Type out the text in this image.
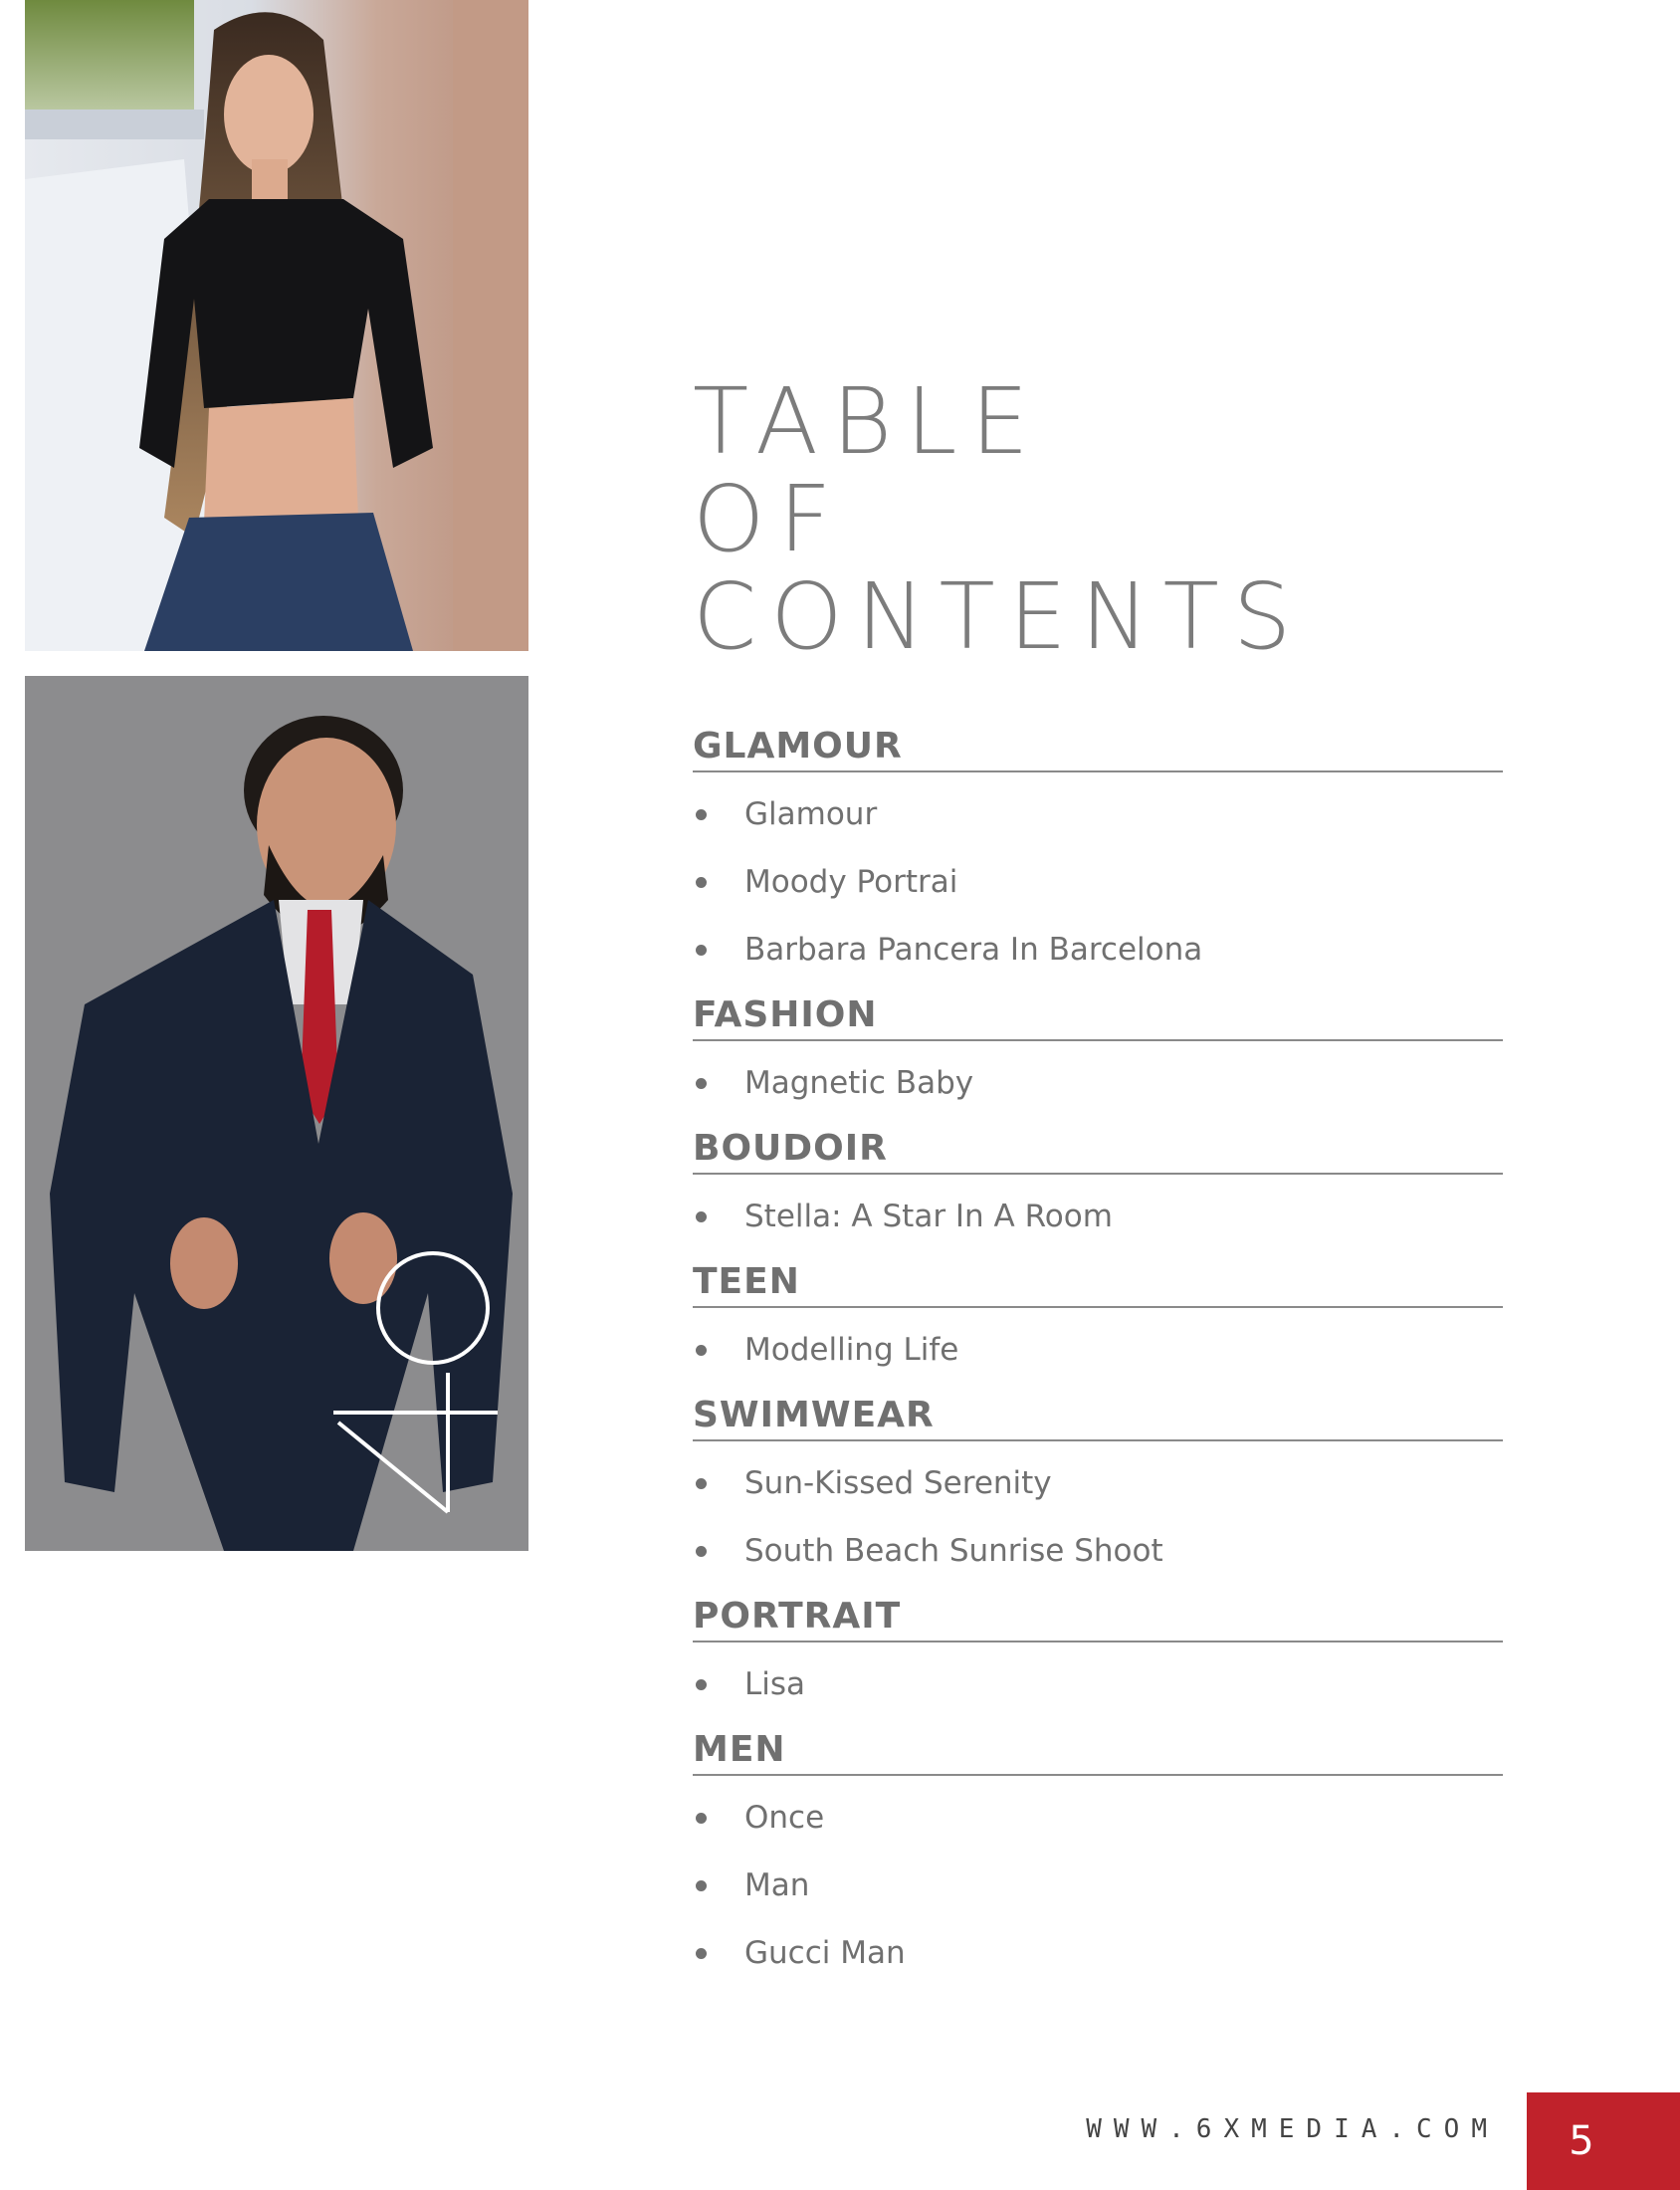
TABLE
OF
CONTENTS
GLAMOUR
Glamour
Moody Portrai
Barbara Pancera In Barcelona
FASHION
Magnetic Baby
BOUDOIR
Stella: A Star In A Room
TEEN
Modelling Life
SWIMWEAR
Sun-Kissed Serenity
South Beach Sunrise Shoot
PORTRAIT
Lisa
MEN
Once
Man
Gucci Man
WWW.6XMEDIA.COM	5
